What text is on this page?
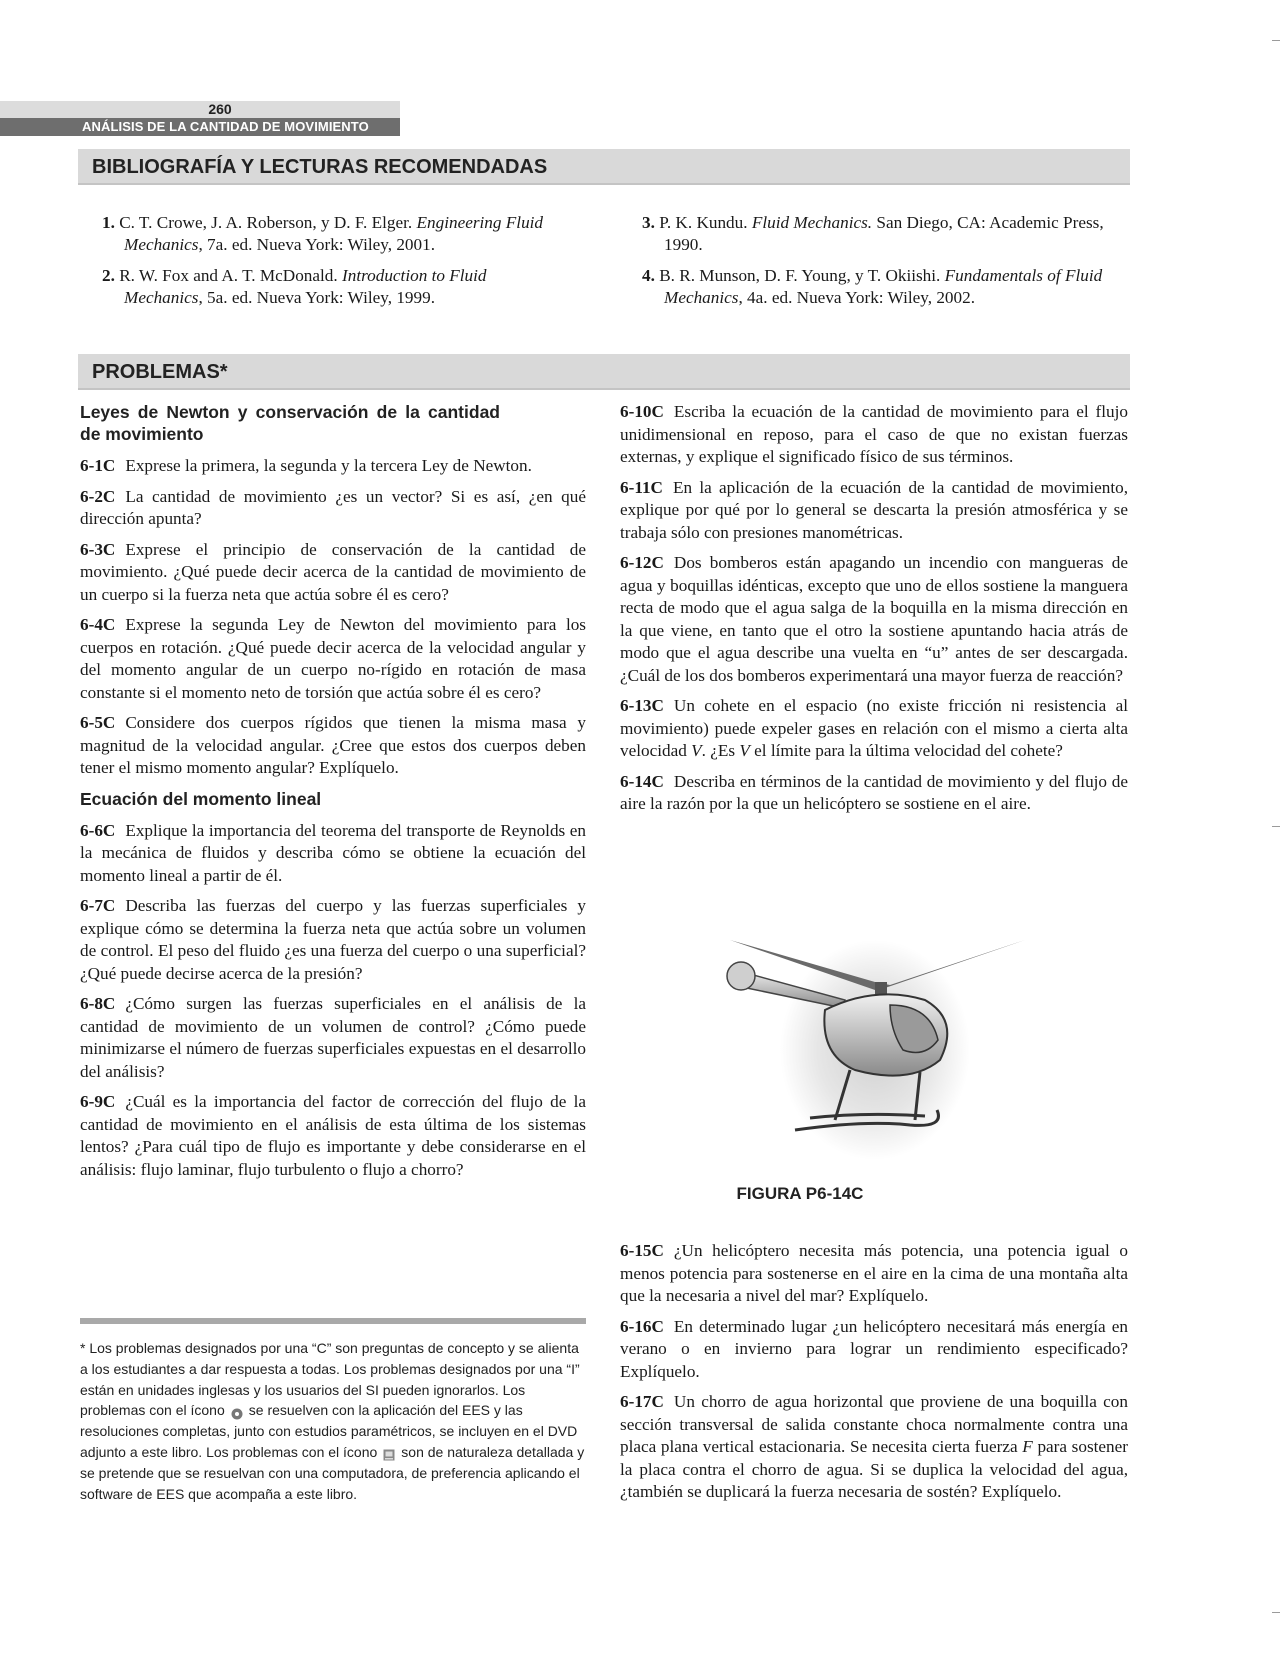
260
ANÁLISIS DE LA CANTIDAD DE MOVIMIENTO
BIBLIOGRAFÍA Y LECTURAS RECOMENDADAS
1. C. T. Crowe, J. A. Roberson, y D. F. Elger. Engineering Fluid Mechanics, 7a. ed. Nueva York: Wiley, 2001.
2. R. W. Fox and A. T. McDonald. Introduction to Fluid Mechanics, 5a. ed. Nueva York: Wiley, 1999.
3. P. K. Kundu. Fluid Mechanics. San Diego, CA: Academic Press, 1990.
4. B. R. Munson, D. F. Young, y T. Okiishi. Fundamentals of Fluid Mechanics, 4a. ed. Nueva York: Wiley, 2002.
PROBLEMAS*
Leyes de Newton y conservación de la cantidad de movimiento

6-1C Exprese la primera, la segunda y la tercera Ley de Newton.

6-2C La cantidad de movimiento ¿es un vector? Si es así, ¿en qué dirección apunta?

6-3C Exprese el principio de conservación de la cantidad de movimiento. ¿Qué puede decir acerca de la cantidad de movimiento de un cuerpo si la fuerza neta que actúa sobre él es cero?

6-4C Exprese la segunda Ley de Newton del movimiento para los cuerpos en rotación. ¿Qué puede decir acerca de la velocidad angular y del momento angular de un cuerpo no-rígido en rotación de masa constante si el momento neto de torsión que actúa sobre él es cero?

6-5C Considere dos cuerpos rígidos que tienen la misma masa y magnitud de la velocidad angular. ¿Cree que estos dos cuerpos deben tener el mismo momento angular? Explíquelo.

Ecuación del momento lineal

6-6C Explique la importancia del teorema del transporte de Reynolds en la mecánica de fluidos y describa cómo se obtiene la ecuación del momento lineal a partir de él.

6-7C Describa las fuerzas del cuerpo y las fuerzas superficiales y explique cómo se determina la fuerza neta que actúa sobre un volumen de control. El peso del fluido ¿es una fuerza del cuerpo o una superficial? ¿Qué puede decirse acerca de la presión?

6-8C ¿Cómo surgen las fuerzas superficiales en el análisis de la cantidad de movimiento de un volumen de control? ¿Cómo puede minimizarse el número de fuerzas superficiales expuestas en el desarrollo del análisis?

6-9C ¿Cuál es la importancia del factor de corrección del flujo de la cantidad de movimiento en el análisis de esta última de los sistemas lentos? ¿Para cuál tipo de flujo es importante y debe considerarse en el análisis: flujo laminar, flujo turbulento o flujo a chorro?

6-10C Escriba la ecuación de la cantidad de movimiento para el flujo unidimensional en reposo, para el caso de que no existan fuerzas externas, y explique el significado físico de sus términos.

6-11C En la aplicación de la ecuación de la cantidad de movimiento, explique por qué por lo general se descarta la presión atmosférica y se trabaja sólo con presiones manométricas.

6-12C Dos bomberos están apagando un incendio con mangueras de agua y boquillas idénticas, excepto que uno de ellos sostiene la manguera recta de modo que el agua salga de la boquilla en la misma dirección en la que viene, en tanto que el otro la sostiene apuntando hacia atrás de modo que el agua describe una vuelta en “u” antes de ser descargada. ¿Cuál de los dos bomberos experimentará una mayor fuerza de reacción?

6-13C Un cohete en el espacio (no existe fricción ni resistencia al movimiento) puede expeler gases en relación con el mismo a cierta alta velocidad V. ¿Es V el límite para la última velocidad del cohete?

6-14C Describa en términos de la cantidad de movimiento y del flujo de aire la razón por la que un helicóptero se sostiene en el aire.

FIGURA P6-14C

6-15C ¿Un helicóptero necesita más potencia, una potencia igual o menos potencia para sostenerse en el aire en la cima de una montaña alta que la necesaria a nivel del mar? Explíquelo.

6-16C En determinado lugar ¿un helicóptero necesitará más energía en verano o en invierno para lograr un rendimiento especificado? Explíquelo.

6-17C Un chorro de agua horizontal que proviene de una boquilla con sección transversal de salida constante choca normalmente contra una placa plana vertical estacionaria. Se necesita cierta fuerza F para sostener la placa contra el chorro de agua. Si se duplica la velocidad del agua, ¿también se duplicará la fuerza necesaria de sostén? Explíquelo.

* Los problemas designados por una “C” son preguntas de concepto y se alienta a los estudiantes a dar respuesta a todas. Los problemas designados por una “I” están en unidades inglesas y los usuarios del SI pueden ignorarlos. Los problemas con el ícono se resuelven con la aplicación del EES y las resoluciones completas, junto con estudios paramétricos, se incluyen en el DVD adjunto a este libro. Los problemas con el ícono son de naturaleza detallada y se pretende que se resuelvan con una computadora, de preferencia aplicando el software de EES que acompaña a este libro.
